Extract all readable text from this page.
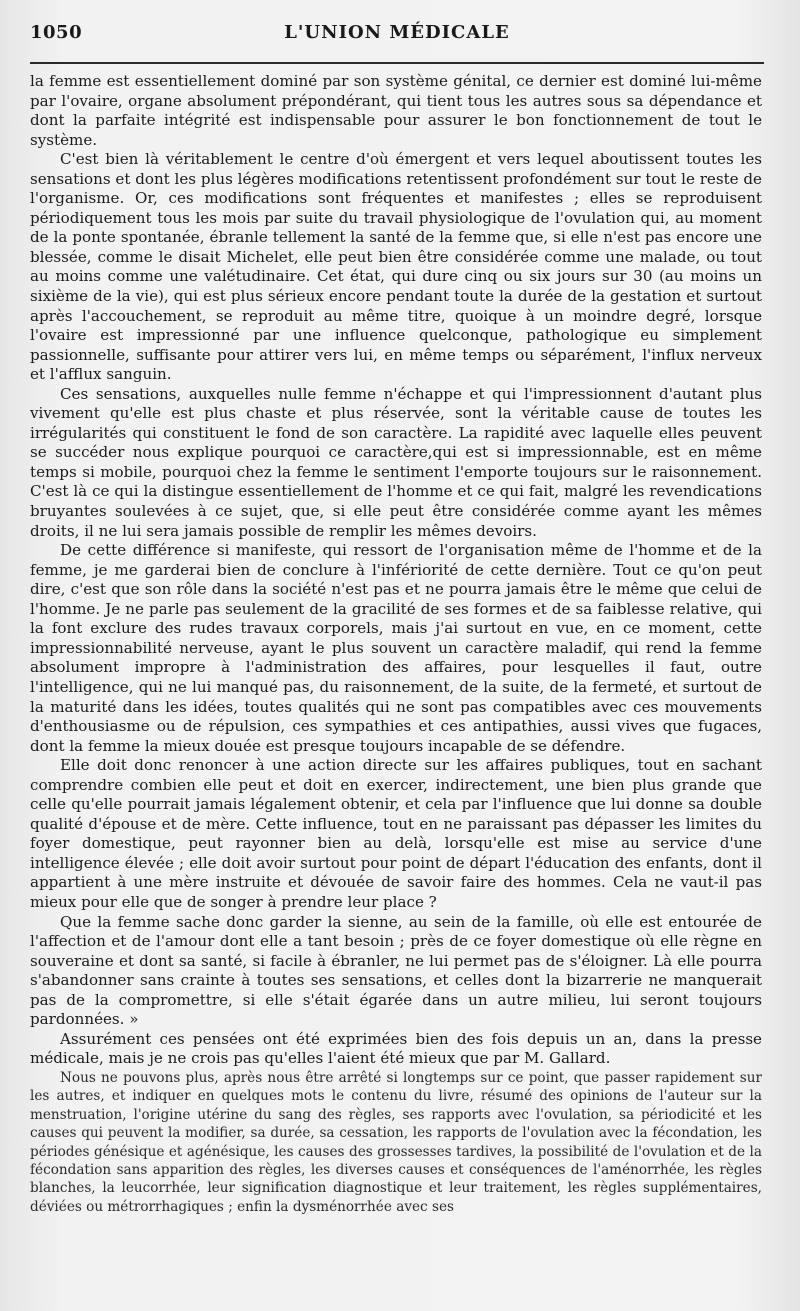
1050	L'UNION MÉDICALE

la femme est essentiellement dominé par son système génital, ce dernier est dominé lui-même par l'ovaire, organe absolument prépondérant, qui tient tous les autres sous sa dépendance et dont la parfaite intégrité est indispensable pour assurer le bon fonctionnement de tout le système.

C'est bien là véritablement le centre d'où émergent et vers lequel aboutissent toutes les sensations et dont les plus légères modifications retentissent profondément sur tout le reste de l'organisme. Or, ces modifications sont fréquentes et manifestes ; elles se reproduisent périodiquement tous les mois par suite du travail physiologique de l'ovulation qui, au moment de la ponte spontanée, ébranle tellement la santé de la femme que, si elle n'est pas encore une blessée, comme le disait Michelet, elle peut bien être considérée comme une malade, ou tout au moins comme une valétudinaire. Cet état, qui dure cinq ou six jours sur 30 (au moins un sixième de la vie), qui est plus sérieux encore pendant toute la durée de la gestation et surtout après l'accouchement, se reproduit au même titre, quoique à un moindre degré, lorsque l'ovaire est impressionné par une influence quelconque, pathologique eu simplement passionnelle, suffisante pour attirer vers lui, en même temps ou séparément, l'influx nerveux et l'afflux sanguin.

Ces sensations, auxquelles nulle femme n'échappe et qui l'impressionnent d'autant plus vivement qu'elle est plus chaste et plus réservée, sont la véritable cause de toutes les irrégularités qui constituent le fond de son caractère. La rapidité avec laquelle elles peuvent se succéder nous explique pourquoi ce caractère,qui est si impressionnable, est en même temps si mobile, pourquoi chez la femme le sentiment l'emporte toujours sur le raisonnement. C'est là ce qui la distingue essentiellement de l'homme et ce qui fait, malgré les revendications bruyantes soulevées à ce sujet, que, si elle peut être considérée comme ayant les mêmes droits, il ne lui sera jamais possible de remplir les mêmes devoirs.

De cette différence si manifeste, qui ressort de l'organisation même de l'homme et de la femme, je me garderai bien de conclure à l'infériorité de cette dernière. Tout ce qu'on peut dire, c'est que son rôle dans la société n'est pas et ne pourra jamais être le même que celui de l'homme. Je ne parle pas seulement de la gracilité de ses formes et de sa faiblesse relative, qui la font exclure des rudes travaux corporels, mais j'ai surtout en vue, en ce moment, cette impressionnabilité nerveuse, ayant le plus souvent un caractère maladif, qui rend la femme absolument impropre à l'administration des affaires, pour lesquelles il faut, outre l'intelligence, qui ne lui manqué pas, du raisonnement, de la suite, de la fermeté, et surtout de la maturité dans les idées, toutes qualités qui ne sont pas compatibles avec ces mouvements d'enthousiasme ou de répulsion, ces sympathies et ces antipathies, aussi vives que fugaces, dont la femme la mieux douée est presque toujours incapable de se défendre.

Elle doit donc renoncer à une action directe sur les affaires publiques, tout en sachant comprendre combien elle peut et doit en exercer, indirectement, une bien plus grande que celle qu'elle pourrait jamais légalement obtenir, et cela par l'influence que lui donne sa double qualité d'épouse et de mère. Cette influence, tout en ne paraissant pas dépasser les limites du foyer domestique, peut rayonner bien au delà, lorsqu'elle est mise au service d'une intelligence élevée ; elle doit avoir surtout pour point de départ l'éducation des enfants, dont il appartient à une mère instruite et dévouée de savoir faire des hommes. Cela ne vaut-il pas mieux pour elle que de songer à prendre leur place ?

Que la femme sache donc garder la sienne, au sein de la famille, où elle est entourée de l'affection et de l'amour dont elle a tant besoin ; près de ce foyer domestique où elle règne en souveraine et dont sa santé, si facile à ébranler, ne lui permet pas de s'éloigner. Là elle pourra s'abandonner sans crainte à toutes ses sensations, et celles dont la bizarrerie ne manquerait pas de la compromettre, si elle s'était égarée dans un autre milieu, lui seront toujours pardonnées. »

Assurément ces pensées ont été exprimées bien des fois depuis un an, dans la presse médicale, mais je ne crois pas qu'elles l'aient été mieux que par M. Gallard.

Nous ne pouvons plus, après nous être arrêté si longtemps sur ce point, que passer rapidement sur les autres, et indiquer en quelques mots le contenu du livre, résumé des opinions de l'auteur sur la menstruation, l'origine utérine du sang des règles, ses rapports avec l'ovulation, sa périodicité et les causes qui peuvent la modifier, sa durée, sa cessation, les rapports de l'ovulation avec la fécondation, les périodes génésique et agénésique, les causes des grossesses tardives, la possibilité de l'ovulation et de la fécondation sans apparition des règles, les diverses causes et conséquences de l'aménorrhée, les règles blanches, la leucorrhée, leur signification diagnostique et leur traitement, les règles supplémentaires, déviées ou métrorrhagiques ; enfin la dysménorrhée avec ses
